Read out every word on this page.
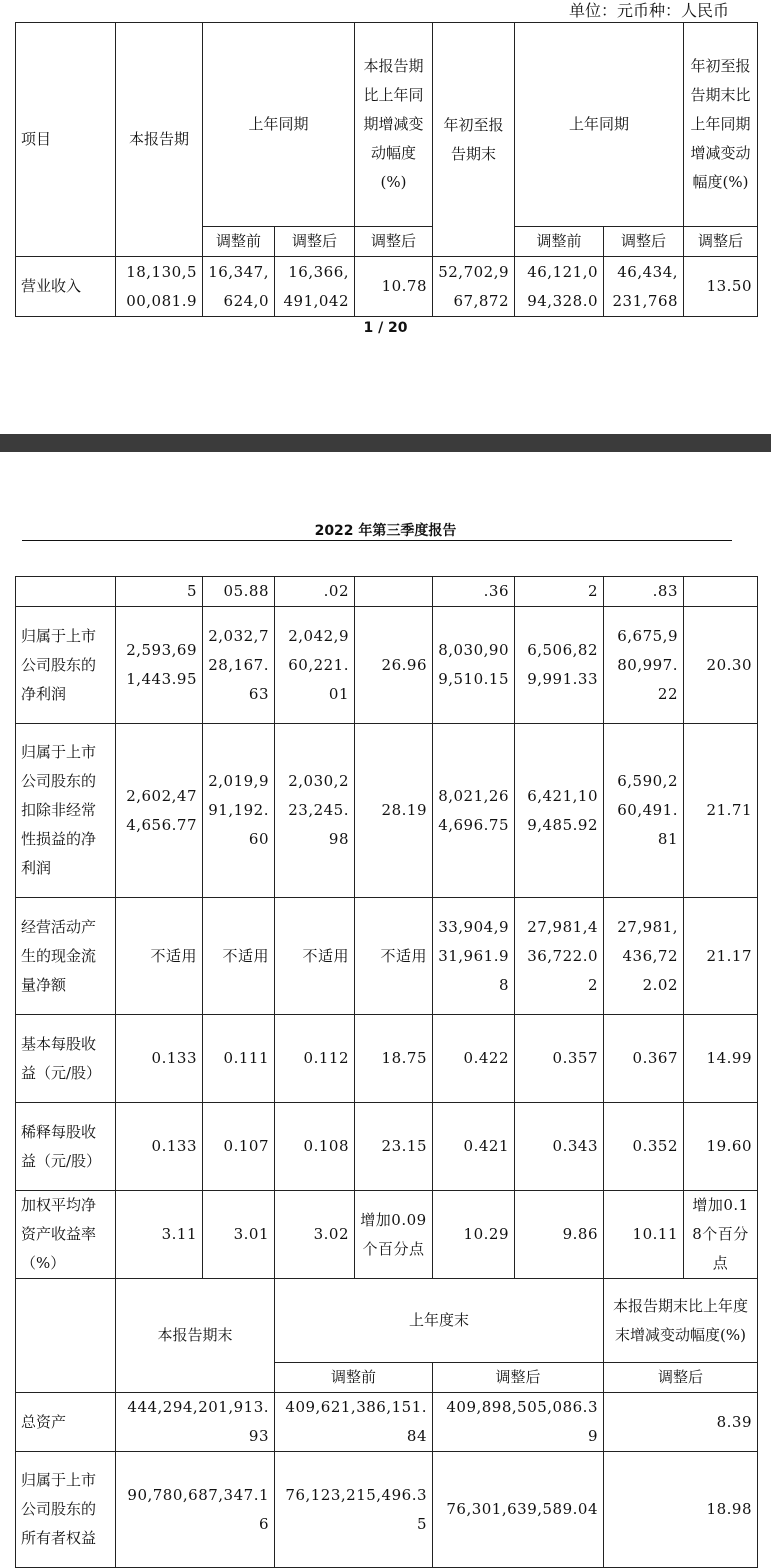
单位：元币种：人民币
项目	本报告期	上年同期		本报告期比上年同期增减变动幅度(%)	年初至报告期末	上年同期		年初至报告期末比上年同期增减变动幅度(%)
		调整前	调整后	调整后		调整前	调整后	调整后
营业收入	18,130,500,081.9	16,347,624,0	16,366,491,042	10.78	52,702,967,872	46,121,094,328.0	46,434,231,768	13.50
1 / 20
2022 年第三季度报告
	5	05.88	.02		.36	2	.83	
归属于上市公司股东的净利润	2,593,691,443.95	2,032,728,167.63	2,042,960,221.01	26.96	8,030,909,510.15	6,506,829,991.33	6,675,980,997.22	20.30
归属于上市公司股东的扣除非经常性损益的净利润	2,602,474,656.77	2,019,991,192.60	2,030,223,245.98	28.19	8,021,264,696.75	6,421,109,485.92	6,590,260,491.81	21.71
经营活动产生的现金流量净额	不适用	不适用	不适用	不适用	33,904,931,961.98	27,981,436,722.02	27,981,436,722.02	21.17
基本每股收益（元/股）	0.133	0.111	0.112	18.75	0.422	0.357	0.367	14.99
稀释每股收益（元/股）	0.133	0.107	0.108	23.15	0.421	0.343	0.352	19.60
加权平均净资产收益率（%）	3.11	3.01	3.02	增加0.09个百分点	10.29	9.86	10.11	增加0.18个百分点
	本报告期末		上年度末				本报告期末比上年度末增减变动幅度(%)	
			调整前		调整后		调整后	
总资产	444,294,201,913.93		409,621,386,151.84		409,898,505,086.39		8.39	
归属于上市公司股东的所有者权益	90,780,687,347.16		76,123,215,496.35		76,301,639,589.04		18.98	
